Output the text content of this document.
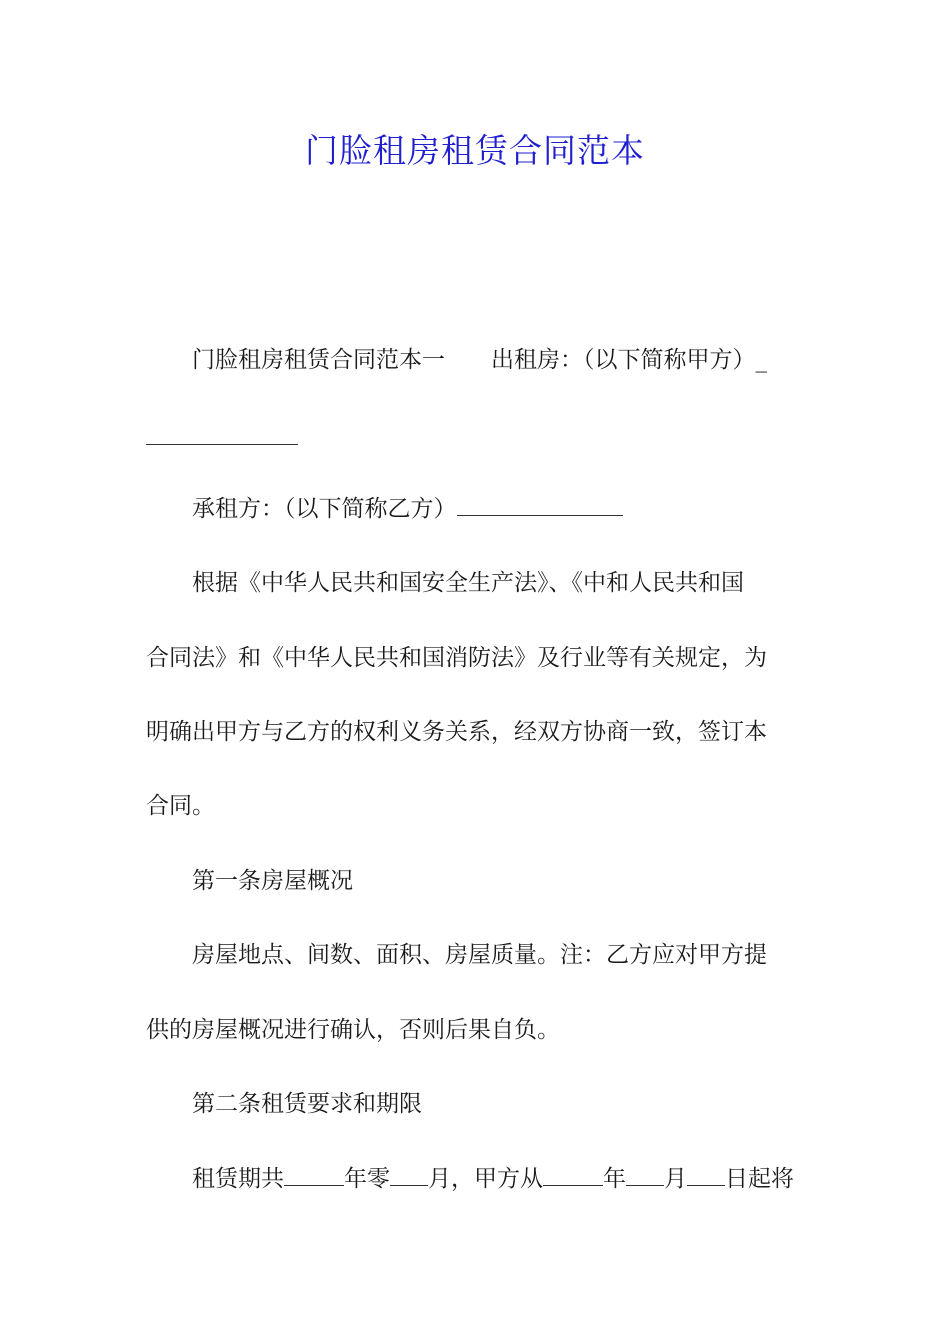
门脸租房租赁合同范本
门脸租房租赁合同范本一 出租房：（以下简称甲方）_
承租方：（以下简称乙方）
根据《中华人民共和国安全生产法》、《中和人民共和国
合同法》和《中华人民共和国消防法》及行业等有关规定，为
明确出甲方与乙方的权利义务关系，经双方协商一致，签订本
合同。
第一条房屋概况
房屋地点、间数、面积、房屋质量。注：乙方应对甲方提
供的房屋概况进行确认，否则后果自负。
第二条租赁要求和期限
租赁期共	年零 月，甲方从	年 月 日起将
